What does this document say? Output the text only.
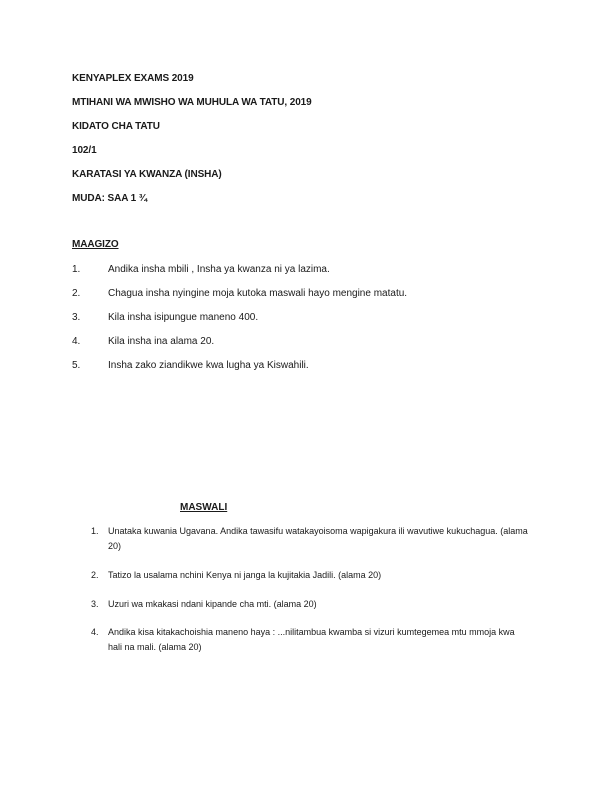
KENYAPLEX EXAMS 2019
MTIHANI WA MWISHO WA MUHULA WA TATU, 2019
KIDATO CHA TATU
102/1
KARATASI YA KWANZA (INSHA)
MUDA: SAA 1 ¾
MAAGIZO
1.	Andika insha mbili , Insha ya kwanza ni ya lazima.
2.	Chagua insha nyingine moja kutoka maswali hayo mengine matatu.
3.	Kila insha isipungue maneno 400.
4.	Kila insha ina alama 20.
5.	Insha zako ziandikwe kwa lugha ya Kiswahili.
MASWALI
1. Unataka kuwania Ugavana. Andika tawasifu watakayoisoma wapigakura ili wavutiwe kukuchagua. (alama 20)
2. Tatizo la usalama nchini Kenya ni janga la kujitakia Jadili. (alama 20)
3. Uzuri wa mkakasi ndani kipande cha mti. (alama 20)
4. Andika kisa kitakachoishia maneno haya : ...nilitambua kwamba si vizuri kumtegemea mtu mmoja kwa hali na mali. (alama 20)
